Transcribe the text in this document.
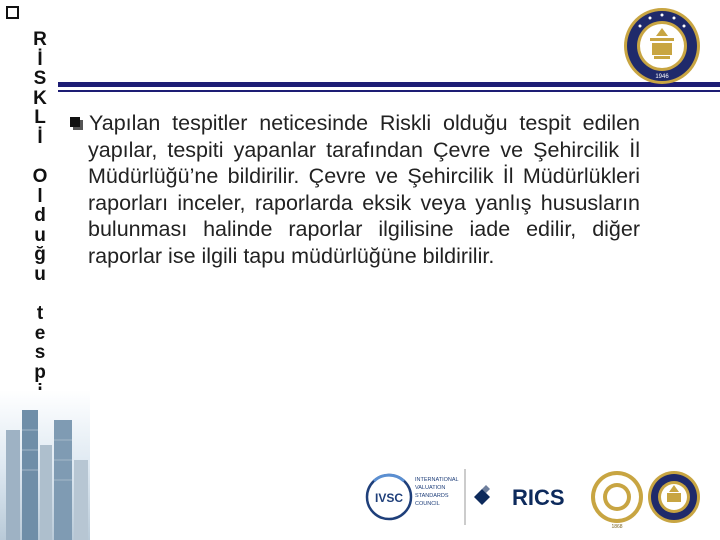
R
İ
S
K
L
İ
O
l
d
u
ğ
u
t
e
s
p
1946
Yapılan tespitler neticesinde Riskli olduğu tespit edilen yapılar, tespiti yapanlar tarafından Çevre ve Şehircilik İl Müdürlüğü’ne bildirilir. Çevre ve Şehircilik İl Müdürlükleri raporları inceler, raporlarda eksik veya yanlış hususların bulunması halinde raporlar ilgilisine iade edilir, diğer raporlar ise ilgili tapu müdürlüğüne bildirilir.
IVSC
INTERNATIONAL
VALUATION
STANDARDS
COUNCIL	RICS
1868
